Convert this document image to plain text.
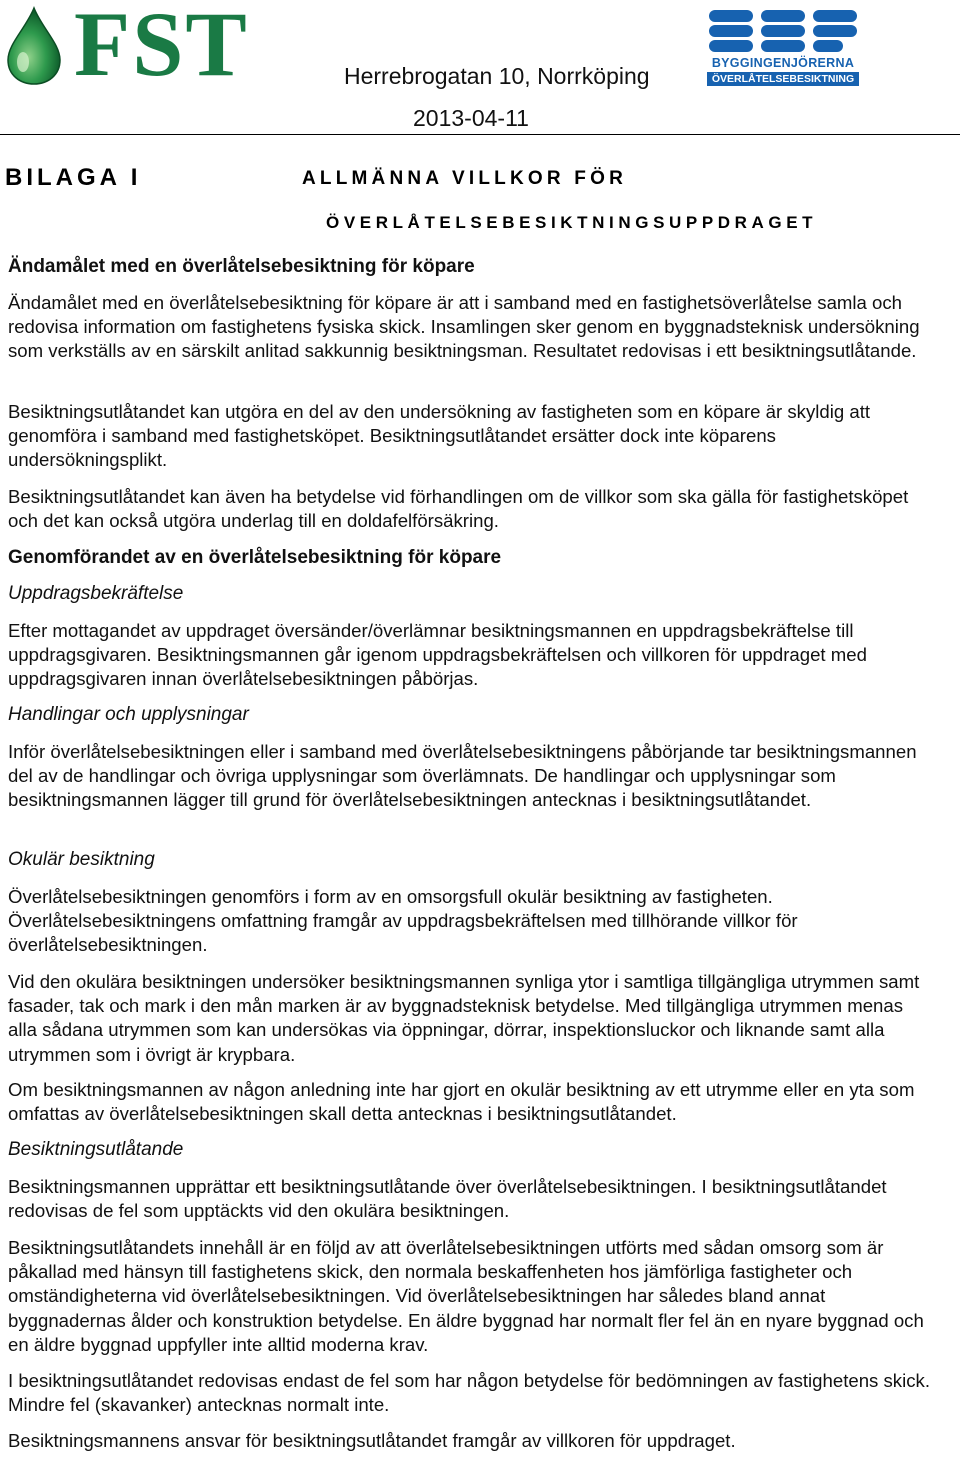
FST	Herrebrogatan 10, Norrköping
2013-04-11
BYGGINGENJÖRERNA
ÖVERLÅTELSEBESIKTNING
BILAGA I	ALLMÄNNA VILLKOR FÖR
ÖVERLÅTELSEBESIKTNINGSUPPDRAGET
Ändamålet med en överlåtelsebesiktning för köpare
Ändamålet med en överlåtelsebesiktning för köpare är att i samband med en fastighetsöverlåtelse samla och redovisa information om fastighetens fysiska skick. Insamlingen sker genom en byggnadsteknisk undersökning som verkställs av en särskilt anlitad sakkunnig besiktningsman. Resultatet redovisas i ett besiktningsutlåtande.
Besiktningsutlåtandet kan utgöra en del av den undersökning av fastigheten som en köpare är skyldig att genomföra i samband med fastighetsköpet. Besiktningsutlåtandet ersätter dock inte köparens undersökningsplikt.
Besiktningsutlåtandet kan även ha betydelse vid förhandlingen om de villkor som ska gälla för fastighetsköpet och det kan också utgöra underlag till en doldafelförsäkring.
Genomförandet av en överlåtelsebesiktning för köpare
Uppdragsbekräftelse
Efter mottagandet av uppdraget översänder/överlämnar besiktningsmannen en uppdragsbekräftelse till uppdragsgivaren. Besiktningsmannen går igenom uppdragsbekräftelsen och villkoren för uppdraget med uppdragsgivaren innan överlåtelsebesiktningen påbörjas.
Handlingar och upplysningar
Inför överlåtelsebesiktningen eller i samband med överlåtelsebesiktningens påbörjande tar besiktningsmannen del av de handlingar och övriga upplysningar som överlämnats. De handlingar och upplysningar som besiktningsmannen lägger till grund för överlåtelsebesiktningen antecknas i besiktningsutlåtandet.
Okulär besiktning
Överlåtelsebesiktningen genomförs i form av en omsorgsfull okulär besiktning av fastigheten. Överlåtelsebesiktningens omfattning framgår av uppdragsbekräftelsen med tillhörande villkor för överlåtelsebesiktningen.
Vid den okulära besiktningen undersöker besiktningsmannen synliga ytor i samtliga tillgängliga utrymmen samt fasader, tak och mark i den mån marken är av byggnadsteknisk betydelse. Med tillgängliga utrymmen menas alla sådana utrymmen som kan undersökas via öppningar, dörrar, inspektionsluckor och liknande samt alla utrymmen som i övrigt är krypbara.
Om besiktningsmannen av någon anledning inte har gjort en okulär besiktning av ett utrymme eller en yta som omfattas av överlåtelsebesiktningen skall detta antecknas i besiktningsutlåtandet.
Besiktningsutlåtande
Besiktningsmannen upprättar ett besiktningsutlåtande över överlåtelsebesiktningen. I besiktningsutlåtandet redovisas de fel som upptäckts vid den okulära besiktningen.
Besiktningsutlåtandets innehåll är en följd av att överlåtelsebesiktningen utförts med sådan omsorg som är påkallad med hänsyn till fastighetens skick, den normala beskaffenheten hos jämförliga fastigheter och omständigheterna vid överlåtelsebesiktningen. Vid överlåtelsebesiktningen har således bland annat byggnadernas ålder och konstruktion betydelse. En äldre byggnad har normalt fler fel än en nyare byggnad och en äldre byggnad uppfyller inte alltid moderna krav.
I besiktningsutlåtandet redovisas endast de fel som har någon betydelse för bedömningen av fastighetens skick. Mindre fel (skavanker) antecknas normalt inte.
Besiktningsmannens ansvar för besiktningsutlåtandet framgår av villkoren för uppdraget.
